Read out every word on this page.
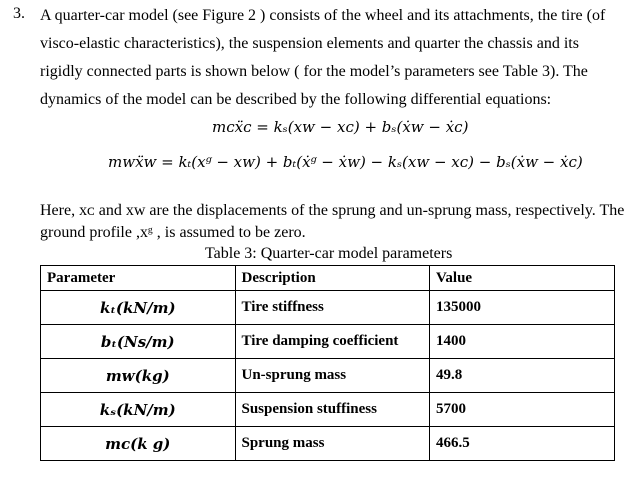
3. A quarter-car model (see Figure 2 ) consists of the wheel and its attachments, the tire (of
visco-elastic characteristics), the suspension elements and quarter the chassis and its
rigidly connected parts is shown below ( for the model’s parameters see Table 3). The
dynamics of the model can be described by the following differential equations:
mᴄẍᴄ = kₛ(xᴡ − xᴄ) + bₛ(ẋᴡ − ẋᴄ)
mᴡẍᴡ = kₜ(xᵍ − xᴡ) + bₜ(ẋᵍ − ẋᴡ) − kₛ(xᴡ − xᴄ) − bₛ(ẋᴡ − ẋᴄ)
Here, xᴄ and xᴡ are the displacements of the sprung and un-sprung mass, respectively. The
ground profile ,xᵍ , is assumed to be zero.
Table 3: Quarter-car model parameters
Parameter	Description	Value
kₜ(kN/m)	Tire stiffness	135000
bₜ(Ns/m)	Tire damping coefficient	1400
mᴡ(kg)	Un-sprung mass	49.8
kₛ(kN/m)	Suspension stuffiness	5700
mᴄ(k g)	Sprung mass	466.5
